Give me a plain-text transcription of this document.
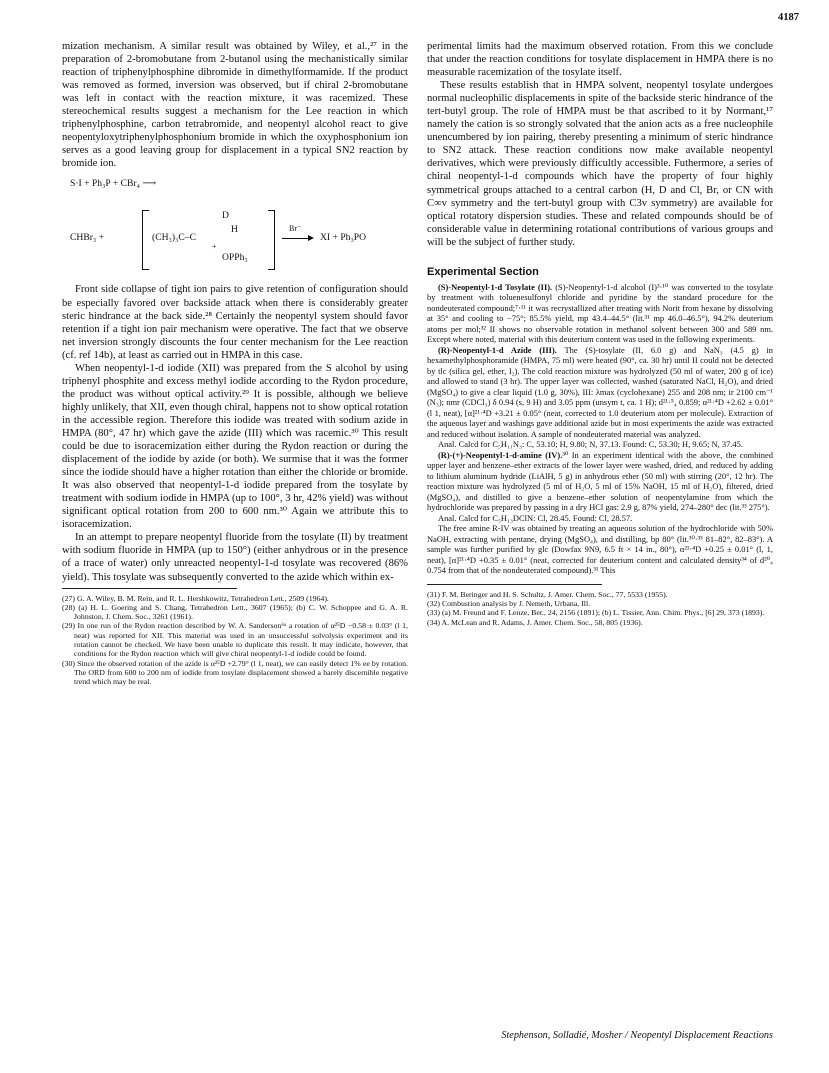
4187

mization mechanism. A similar result was obtained by Wiley, et al.,²⁷ in the preparation of 2-bromobutane from 2-butanol using the mechanistically similar reaction of triphenylphosphine dibromide in dimethylformamide. If the product was removed as formed, inversion was observed, but if chiral 2-bromobutane was left in contact with the reaction mixture, it was racemized. These stereochemical results suggest a mechanism for the Lee reaction in which triphenylphosphine, carbon tetrabromide, and neopentyl alcohol react to give neopentyloxytriphenylphosphonium bromide in which the oxyphosphonium ion serves as a good leaving group for displacement in a typical SN2 reaction by bromide ion.

S·I + Ph₃P + CBr₄ ⟶
CHBr₃ +	(CH₃)₃C–C
D
H
+
OPPh₃
Br⁻
XI + Ph₃PO

Front side collapse of tight ion pairs to give retention of configuration should be especially favored over backside attack when there is considerably greater steric hindrance at the back side.²⁸ Certainly the neopentyl system should favor retention if a tight ion pair mechanism were operative. The fact that we observe net inversion strongly discounts the four center mechanism for the Lee reaction (cf. ref 14b), at least as carried out in HMPA in this case.

When neopentyl-1-d iodide (XII) was prepared from the S alcohol by using triphenyl phosphite and excess methyl iodide according to the Rydon procedure, the product was without optical activity.²⁹ It is possible, although we believe highly unlikely, that XII, even though chiral, happens not to show optical rotation in the accessible region. Therefore this iodide was treated with sodium azide in HMPA (80°, 47 hr) which gave the azide (III) which was racemic.³⁰ This result could be due to isoracemization either during the Rydon reaction or during the displacement of the iodide by azide (or both). We surmise that it was the former since the iodide should have a higher rotation than either the chloride or bromide. It was also observed that neopentyl-1-d iodide prepared from the tosylate by treatment with sodium iodide in HMPA (up to 100°, 3 hr, 42% yield) was without significant optical rotation from 200 to 600 nm.³⁰ Again we attribute this to isoracemization.

In an attempt to prepare neopentyl fluoride from the tosylate (II) by treatment with sodium fluoride in HMPA (up to 150°) (either anhydrous or in the presence of a trace of water) only unreacted neopentyl-1-d tosylate was recovered (86% yield). This tosylate was subsequently converted to the azide which within ex-

(27) G. A. Wiley, B. M. Rein, and R. L. Hershkowitz, Tetrahedron Lett., 2509 (1964).

(28) (a) H. L. Goering and S. Chang, Tetrahedron Lett., 3607 (1965); (b) C. W. Schoppee and G. A. R. Johnston, J. Chem. Soc., 3261 (1961).

(29) In one run of the Rydon reaction described by W. A. Sanderson⁶ᵃ a rotation of α²⁵D −0.58 ± 0.03° (l 1, neat) was reported for XII. This material was used in an unsuccessful solvolysis experiment and its rotation cannot be checked. We have been unable to duplicate this result. It may indicate, however, that conditions for the Rydon reaction which will give chiral neopentyl-1-d iodide could be found.

(30) Since the observed rotation of the azide is α²⁵D +2.79° (l 1, neat), we can easily detect 1% ee by rotation. The ORD from 600 to 200 nm of iodide from tosylate displacement showed a barely discernible negative trend which may be real.

perimental limits had the maximum observed rotation. From this we conclude that under the reaction conditions for tosylate displacement in HMPA there is no measurable racemization of the tosylate itself.

These results establish that in HMPA solvent, neopentyl tosylate undergoes normal nucleophilic displacements in spite of the backside steric hindrance of the tert-butyl group. The role of HMPA must be that ascribed to it by Normant,¹⁷ namely the cation is so strongly solvated that the anion acts as a free nucleophile unencumbered by ion pairing, thereby presenting a minimum of steric hindrance to SN2 attack. These reaction conditions now make available neopentyl derivatives, which were previously difficultly accessible. Futhermore, a series of chiral neopentyl-1-d compounds which have the property of four highly symmetrical groups attached to a central carbon (H, D and Cl, Br, or CN with C∞v symmetry and the tert-butyl group with C3v symmetry) are available for optical rotatory dispersion studies. These and related compounds should be of considerable value in determining rotational contributions of various groups and will be the subject of further study.

Experimental Section

(S)-Neopentyl-1-d Tosylate (II). (S)-Neopentyl-1-d alcohol (I)³·¹⁰ was converted to the tosylate by treatment with toluenesulfonyl chloride and pyridine by the standard procedure for the nondeuterated compound;⁷·¹¹ it was recrystallized after treating with Norit from hexane by dissolving at 35° and cooling to −75°; 85.5% yield, mp 43.4–44.5° (lit.³¹ mp 46.0–46.5°), 94.2% deuterium atoms per mol;³² II shows no observable rotation in methanol solvent between 300 and 589 nm. Except where noted, material with this deuterium content was used in the following experiments.

(R)-Neopentyl-1-d Azide (III). The (S)-tosylate (II, 6.0 g) and NaN₃ (4.5 g) in hexamethylphosphoramide (HMPA, 75 ml) were heated (90°, ca. 30 hr) until II could not be detected by tlc (silica gel, ether, I₂). The cold reaction mixture was hydrolyzed (50 ml of water, 200 g of ice) and allowed to stand (3 hr). The upper layer was collected, washed (saturated NaCl, H₂O), and dried (MgSO₄) to give a clear liquid (1.0 g, 30%), III: λmax (cyclohexane) 255 and 208 nm; ir 2100 cm⁻¹ (N₃); nmr (CDCl₃) δ 0.94 (s, 9 H) and 3.05 ppm (unsym t, ca. 1 H); d²¹·⁵₄ 0.859; α²¹·⁴D +2.62 ± 0.01° (l 1, neat), [α]²¹·⁴D +3.21 ± 0.05° (neat, corrected to 1.0 deuterium atom per molecule). Extraction of the aqueous layer and washings gave additional azide but in most experiments the azide was extracted and reduced without isolation. A sample of nondeuterated material was analyzed.

Anal. Calcd for C₅H₁₁N₃: C, 53.10; H, 9.80; N, 37.13. Found: C, 53.30; H, 9.65; N, 37.45.

(R)-(+)-Neopentyl-1-d-amine (IV).³⁰ In an experiment identical with the above, the combined upper layer and benzene–ether extracts of the lower layer were washed, dried, and reduced by adding to lithium aluminum hydride (LiAlH, 5 g) in anhydrous ether (50 ml) with stirring (20°, 12 hr). The reaction mixture was hydrolyzed (5 ml of H₂O, 5 ml of 15% NaOH, 15 ml of H₂O), filtered, dried (MgSO₄), and distilled to give a benzene–ether solution of neopentylamine from which the hydrochloride was prepared by passing in a dry HCl gas: 2.9 g, 87% yield, 274–280° dec (lit.³³ 275°).

Anal. Calcd for C₅H₁₃DClN: Cl, 28.45. Found: Cl, 28.57.

The free amine R-IV was obtained by treating an aqueous solution of the hydrochloride with 50% NaOH, extracting with pentane, drying (MgSO₄), and distilling, bp 80° (lit.³⁰·³³ 81–82°, 82–83°). A sample was further purified by glc (Dowfax 9N9, 6.5 ft × 14 in., 80°), α²¹·⁴D +0.25 ± 0.01° (l, 1, neat), [α]²¹·⁴D +0.35 ± 0.01° (neat, corrected for deuterium content and calculated density³⁴ of d²⁰₄ 0.754 from that of the nondeuterated compound).³¹ This

(31) F. M. Beringer and H. S. Schultz, J. Amer. Chem. Soc., 77, 5533 (1955).

(32) Combustion analysis by J. Nemeth, Urbana, Ill.

(33) (a) M. Freund and F. Lenze, Ber., 24, 2156 (1891); (b) L. Tissier, Ann. Chim. Phys., [6] 29, 373 (1893).

(34) A. McLean and R. Adams, J. Amer. Chem. Soc., 58, 805 (1936).

Stephenson, Solladié, Mosher / Neopentyl Displacement Reactions
